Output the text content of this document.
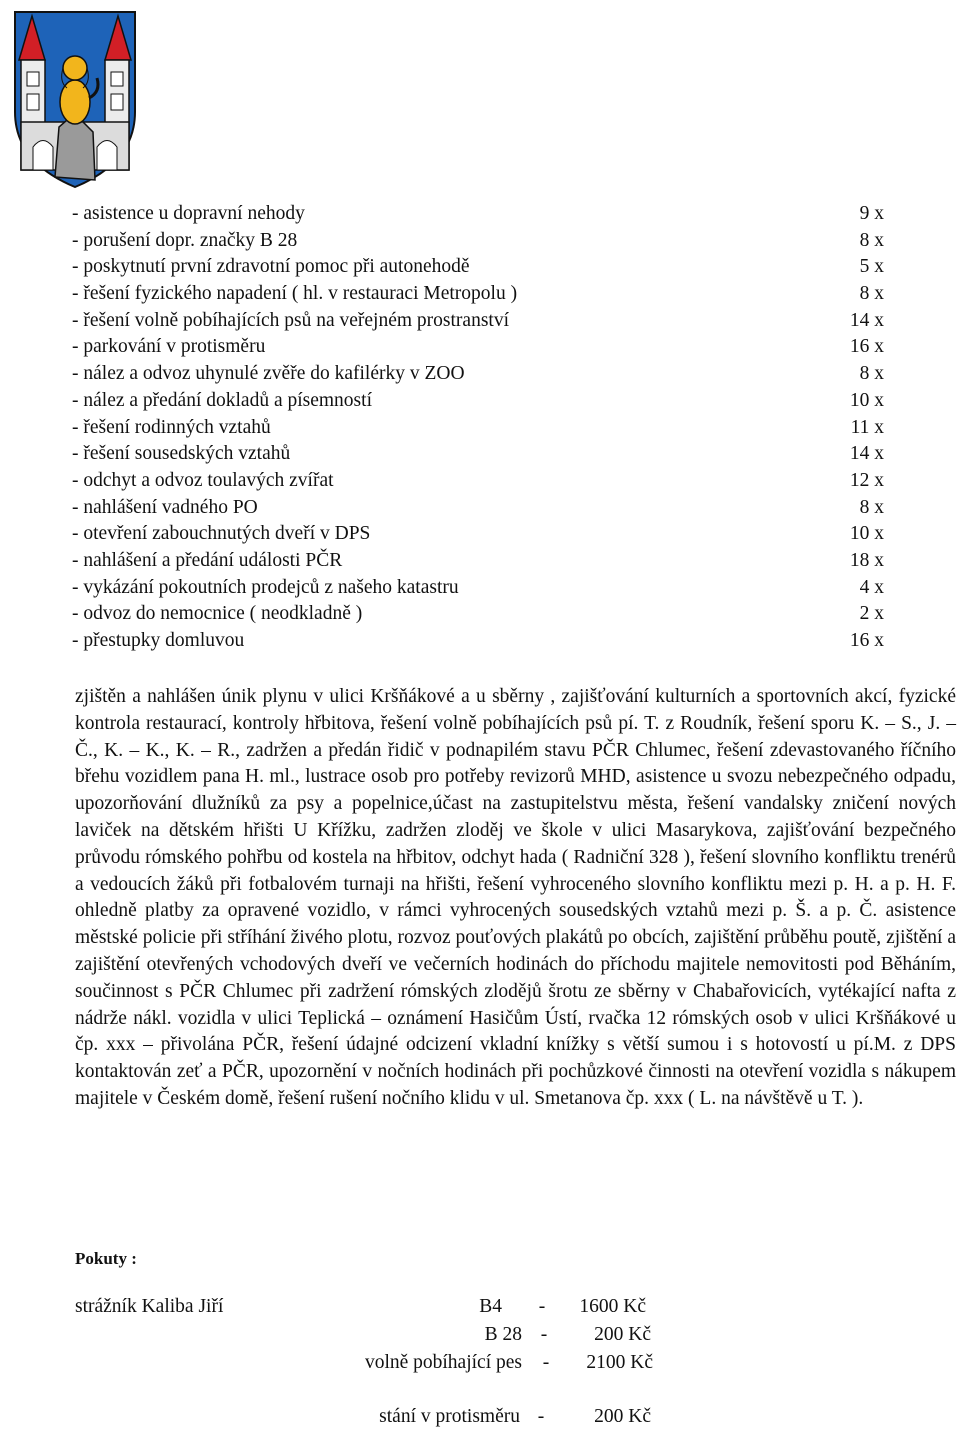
- asistence u dopravní nehody	9 x
- porušení dopr. značky B 28	8 x
- poskytnutí první zdravotní pomoc při autonehodě	5 x
- řešení fyzického napadení ( hl. v restauraci Metropolu )	8 x
- řešení volně pobíhajících psů na veřejném prostranství	14 x
- parkování v protisměru	16 x
- nález a odvoz uhynulé zvěře do kafilérky v ZOO	8 x
- nález a předání dokladů a písemností	10 x
- řešení rodinných vztahů	11 x
- řešení sousedských vztahů	14 x
- odchyt a odvoz toulavých zvířat	12 x
- nahlášení vadného PO	8 x
- otevření zabouchnutých dveří v DPS	10 x
- nahlášení a předání události PČR	18 x
- vykázání pokoutních prodejců z našeho katastru	4 x
- odvoz do nemocnice ( neodkladně )	2 x
- přestupky domluvou	16 x
zjištěn a nahlášen únik plynu v ulici Kršňákové a u sběrny , zajišťování kulturních a sportovních akcí, fyzické kontrola restaurací, kontroly hřbitova, řešení volně pobíhajících psů pí. T. z Roudník, řešení sporu K. – S., J. – Č., K. – K., K. – R., zadržen a předán řidič v podnapilém stavu PČR Chlumec, řešení zdevastovaného říčního břehu vozidlem pana H. ml., lustrace osob pro potřeby revizorů MHD, asistence u svozu nebezpečného odpadu, upozorňování dlužníků za psy a popelnice,účast na zastupitelstvu města, řešení vandalsky zničení nových laviček na dětském hřišti U Křížku, zadržen zloděj ve škole v ulici Masarykova, zajišťování bezpečného průvodu rómského pohřbu od kostela na hřbitov, odchyt hada ( Radniční 328 ), řešení slovního konfliktu trenérů a vedoucích žáků při fotbalovém turnaji na hřišti, řešení vyhroceného slovního konfliktu mezi p. H. a p. H. F. ohledně platby za opravené vozidlo, v rámci vyhrocených sousedských vztahů mezi p. Š. a p. Č. asistence městské policie při stříhání živého plotu, rozvoz pouťových plakátů po obcích, zajištění průběhu poutě, zjištění a zajištění otevřených vchodových dveří ve večerních hodinách do příchodu majitele nemovitosti pod Běháním, součinnost s PČR Chlumec při zadržení rómských zlodějů šrotu ze sběrny v Chabařovicích, vytékající nafta z nádrže nákl. vozidla v ulici Teplická – oznámení Hasičům Ústí, rvačka 12 rómských osob v ulici Kršňákové u čp. xxx – přivolána PČR, řešení údajné odcizení vkladní knížky s větší sumou i s hotovostí u pí.M. z DPS kontaktován zeť a PČR, upozornění v nočních hodinách při pochůzkové činnosti na otevření vozidla s nákupem majitele v Českém domě, řešení rušení nočního klidu v ul. Smetanova čp. xxx ( L. na návštěvě u T. ).
Pokuty :
strážník Kaliba Jiří	B4	-	1600 Kč
B 28 -	200 Kč
volně pobíhající pes	-	2100 Kč
stání v protisměru -	200 Kč
